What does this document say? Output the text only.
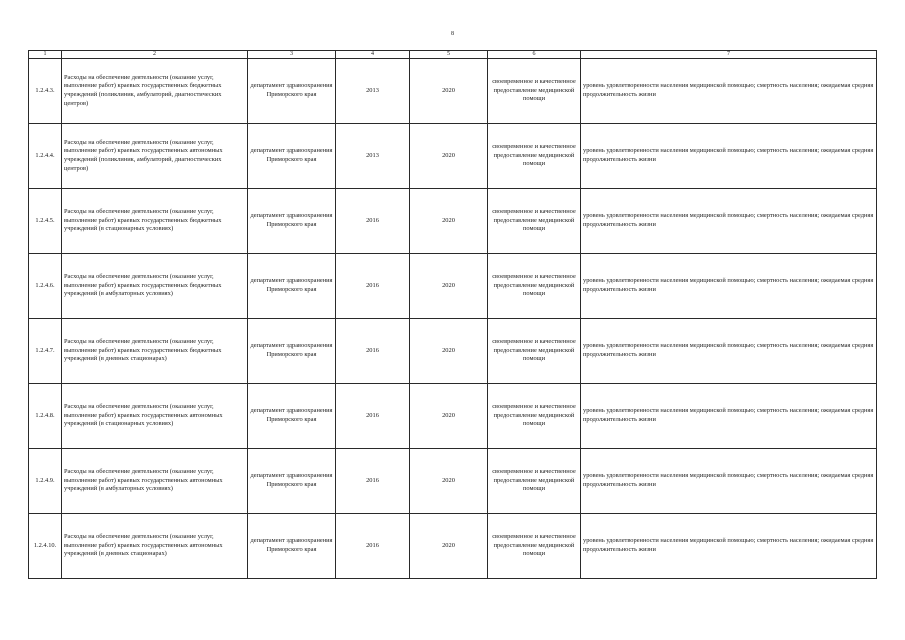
8
1	2	3	4	5	6	7
1.2.4.3.	Расходы на обеспечение деятельности (оказание услуг, выполнение работ) краевых государственных бюджетных учреждений (поликлиник, амбулаторий, диагностических центров)	департамент здравоохранения Приморского края	2013	2020	своевременное и качественное предоставление медицинской помощи	уровень удовлетворенности населения медицинской помощью; смертность населения; ожидаемая средняя продолжительность жизни
1.2.4.4.	Расходы на обеспечение деятельности (оказание услуг, выполнение работ) краевых государственных автономных учреждений (поликлиник, амбулаторий, диагностических центров)	департамент здравоохранения Приморского края	2013	2020	своевременное и качественное предоставление медицинской помощи	уровень удовлетворенности населения медицинской помощью; смертность населения; ожидаемая средняя продолжительность жизни
1.2.4.5.	Расходы на обеспечение деятельности (оказание услуг, выполнение работ) краевых государственных бюджетных учреждений (в стационарных условиях)	департамент здравоохранения Приморского края	2016	2020	своевременное и качественное предоставление медицинской помощи	уровень удовлетворенности населения медицинской помощью; смертность населения; ожидаемая средняя продолжительность жизни
1.2.4.6.	Расходы на обеспечение деятельности (оказание услуг, выполнение работ) краевых государственных бюджетных учреждений (в амбулаторных условиях)	департамент здравоохранения Приморского края	2016	2020	своевременное и качественное предоставление медицинской помощи	уровень удовлетворенности населения медицинской помощью; смертность населения; ожидаемая средняя продолжительность жизни
1.2.4.7.	Расходы на обеспечение деятельности (оказание услуг, выполнение работ) краевых государственных бюджетных учреждений (в дневных стационарах)	департамент здравоохранения Приморского края	2016	2020	своевременное и качественное предоставление медицинской помощи	уровень удовлетворенности населения медицинской помощью; смертность населения; ожидаемая средняя продолжительность жизни
1.2.4.8.	Расходы на обеспечение деятельности (оказание услуг, выполнение работ) краевых государственных автономных учреждений (в стационарных условиях)	департамент здравоохранения Приморского края	2016	2020	своевременное и качественное предоставление медицинской помощи	уровень удовлетворенности населения медицинской помощью; смертность населения; ожидаемая средняя продолжительность жизни
1.2.4.9.	Расходы на обеспечение деятельности (оказание услуг, выполнение работ) краевых государственных автономных учреждений (в амбулаторных условиях)	департамент здравоохранения Приморского края	2016	2020	своевременное и качественное предоставление медицинской помощи	уровень удовлетворенности населения медицинской помощью; смертность населения; ожидаемая средняя продолжительность жизни
1.2.4.10.	Расходы на обеспечение деятельности (оказание услуг, выполнение работ) краевых государственных автономных учреждений (в дневных стационарах)	департамент здравоохранения Приморского края	2016	2020	своевременное и качественное предоставление медицинской помощи	уровень удовлетворенности населения медицинской помощью; смертность населения; ожидаемая средняя продолжительность жизни
